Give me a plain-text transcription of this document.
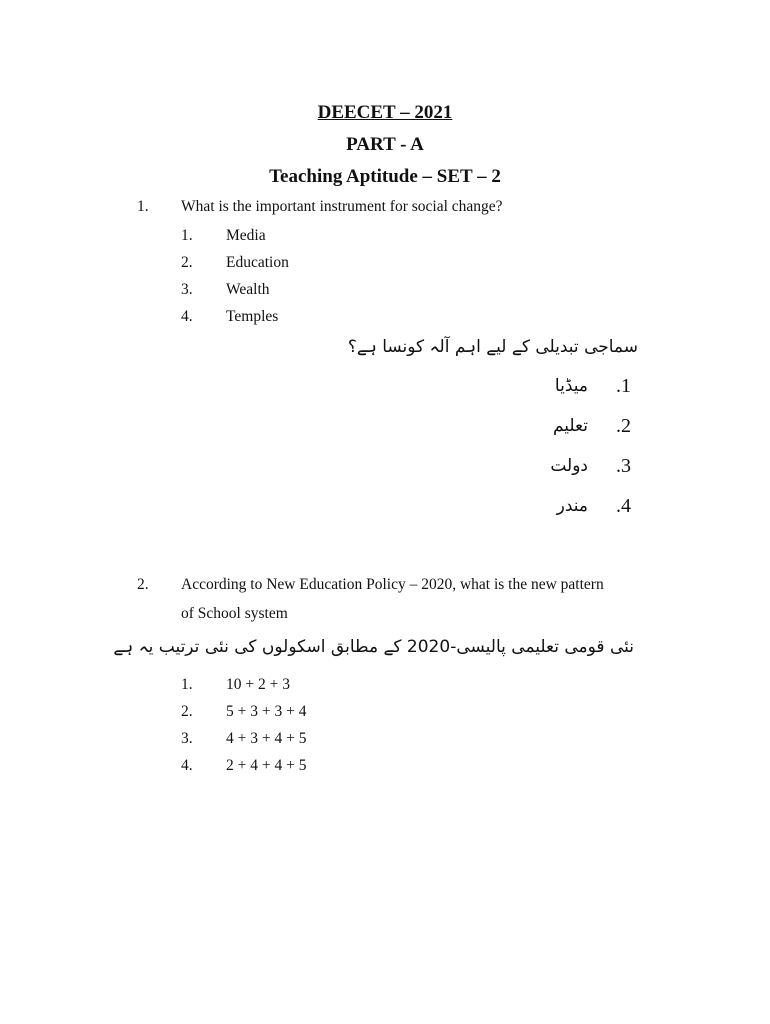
DEECET – 2021
PART - A
Teaching Aptitude – SET – 2
1. What is the important instrument for social change?
1. Media
2. Education
3. Wealth
4. Temples
سماجی تبدیلی کے لیے اہم آلہ کونسا ہے؟
میڈیا .1
تعلیم .2
دولت .3
مندر .4
2. According to New Education Policy – 2020, what is the new pattern
of School system
نئی قومی تعلیمی پالیسی-2020 کے مطابق اسکولوں کی نئی ترتیب یہ ہے
1. 10 + 2 + 3
2. 5 + 3 + 3 + 4
3. 4 + 3 + 4 + 5
4. 2 + 4 + 4 + 5
